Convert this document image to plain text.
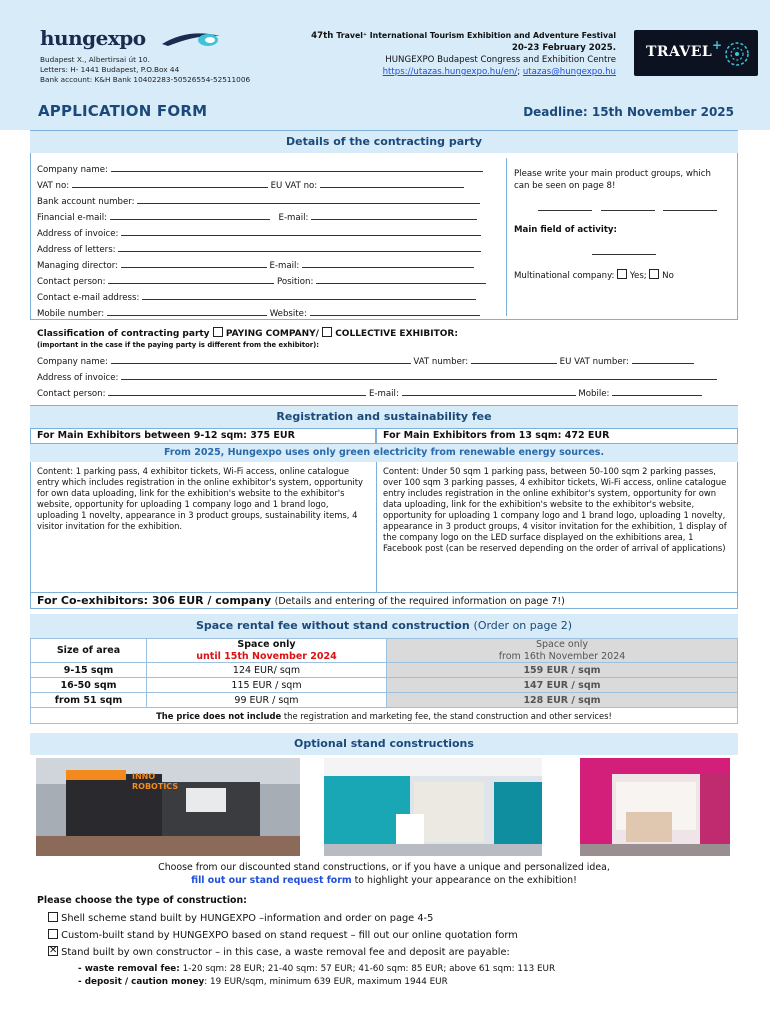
hungexpo
Budapest X., Albertirsai út 10.
Letters: H- 1441 Budapest, P.O.Box 44
Bank account: K&H Bank 10402283-50526554-52511006
47th Travel⁺ International Tourism Exhibition and Adventure Festival
20-23 February 2025.
HUNGEXPO Budapest Congress and Exhibition Centre
https://utazas.hungexpo.hu/en/; utazas@hungexpo.hu
TRAVEL +
APPLICATION FORM	Deadline: 15th November 2025
Details of the contracting party
Company name:
VAT no:	EU VAT no:
Bank account number:
Financial e-mail:	E-mail:
Address of invoice:
Address of letters:
Managing director:	E-mail:
Contact person:	Position:
Contact e-mail address:
Mobile number:	Website:
Please write your main product groups, which can be seen on page 8!

Main field of activity:
Multinational company: Yes; No
Classification of contracting party PAYING COMPANY/ COLLECTIVE EXHIBITOR:
(important in the case if the paying party is different from the exhibitor):
Company name:	VAT number:	EU VAT number:
Address of invoice:
Contact person:	E-mail:	Mobile:
Registration and sustainability fee
For Main Exhibitors between 9-12 sqm: 375 EUR	For Main Exhibitors from 13 sqm: 472 EUR
From 2025, Hungexpo uses only green electricity from renewable energy sources.
Content: 1 parking pass, 4 exhibitor tickets, Wi-Fi access, online catalogue entry which includes registration in the online exhibitor's system, opportunity for own data uploading, link for the exhibition's website to the exhibitor's website, opportunity for uploading 1 company logo and 1 brand logo, uploading 1 novelty, appearance in 3 product groups, sustainability items, 4 visitor invitation for the exhibition.
Content: Under 50 sqm 1 parking pass, between 50-100 sqm 2 parking passes, over 100 sqm 3 parking passes, 4 exhibitor tickets, Wi-Fi access, online catalogue entry includes registration in the online exhibitor's system, opportunity for own data uploading, link for the exhibition's website to the exhibitor's website, opportunity for uploading 1 company logo and 1 brand logo, uploading 1 novelty, appearance in 3 product groups, 4 visitor invitation for the exhibition, 1 display of the company logo on the LED surface displayed on the exhibitions area, 1 Facebook post (can be reserved depending on the order of arrival of applications)
For Co-exhibitors: 306 EUR / company (Details and entering of the required information on page 7!)
Space rental fee without stand construction (Order on page 2)
Size of area	Space only	Space only
	until 15th November 2024	from 16th November 2024
9-15 sqm	124 EUR/ sqm	159 EUR / sqm
16-50 sqm	115 EUR / sqm	147 EUR / sqm
from 51 sqm	99 EUR / sqm	128 EUR / sqm
The price does not include the registration and marketing fee, the stand construction and other services!		
Optional stand constructions
INNO
ROBOTICS
Choose from our discounted stand constructions, or if you have a unique and personalized idea,
fill out our stand request form to highlight your appearance on the exhibition!
Please choose the type of construction:
Shell scheme stand built by HUNGEXPO –information and order on page 4-5
Custom-built stand by HUNGEXPO based on stand request – fill out our online quotation form
✕ Stand built by own constructor – in this case, a waste removal fee and deposit are payable:
- waste removal fee: 1-20 sqm: 28 EUR; 21-40 sqm: 57 EUR; 41-60 sqm: 85 EUR; above 61 sqm: 113 EUR
- deposit / caution money: 19 EUR/sqm, minimum 639 EUR, maximum 1944 EUR
